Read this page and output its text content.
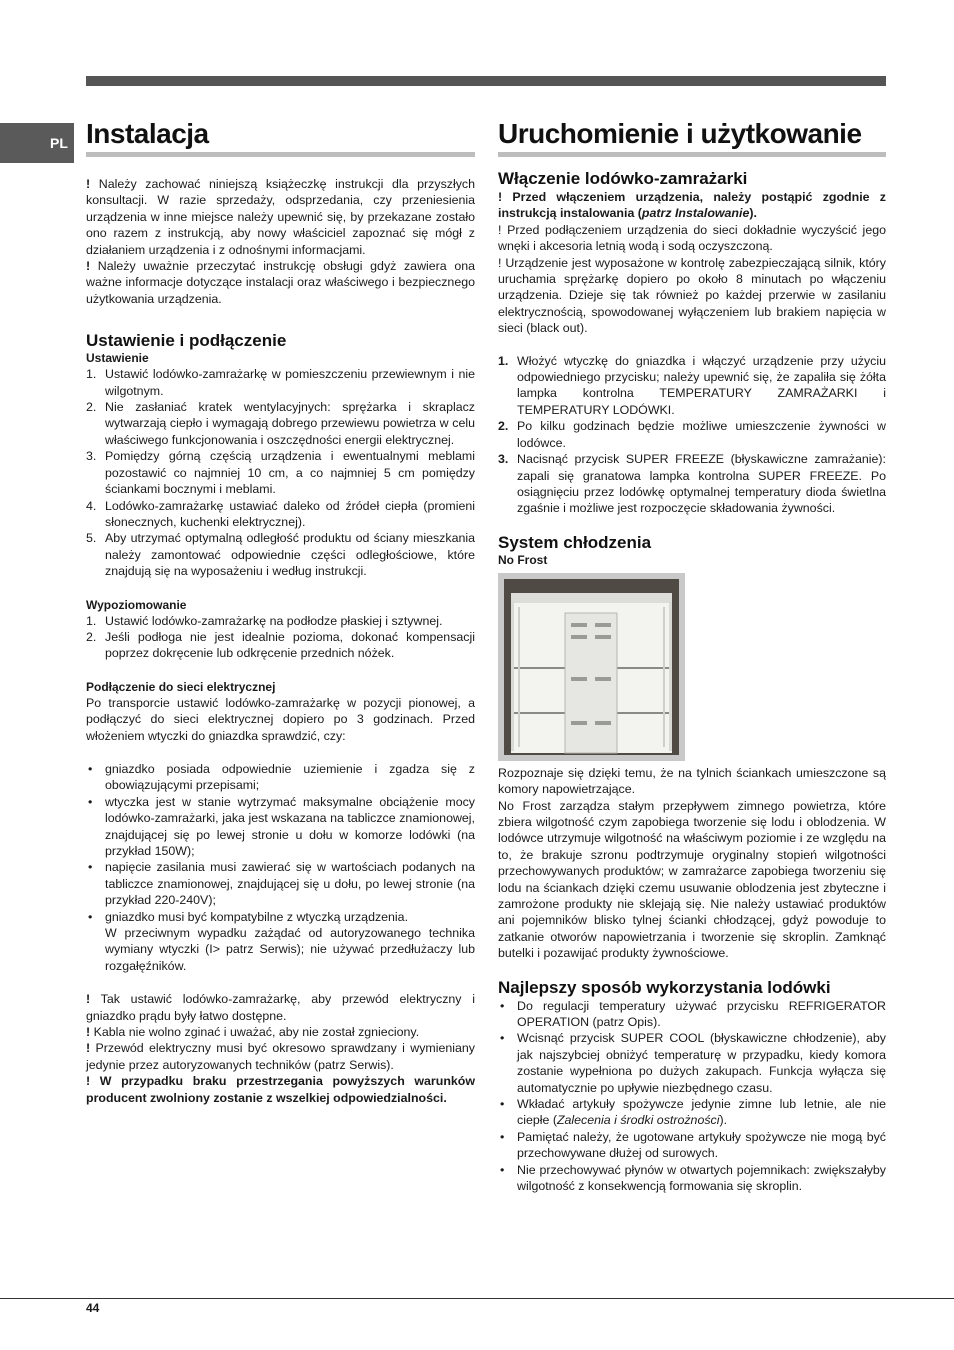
PL Instalacja

! Należy zachować niniejszą książeczkę instrukcji dla przyszłych konsultacji. W razie sprzedaży, odsprzedania, czy przeniesienia urządzenia w inne miejsce należy upewnić się, by przekazane zostało ono razem z instrukcją, aby nowy właściciel zapoznać się mógł z działaniem urządzenia i z odnośnymi informacjami.

! Należy uważnie przeczytać instrukcję obsługi gdyż zawiera ona ważne informacje dotyczące instalacji oraz właściwego i bezpiecznego użytkowania urządzenia.

Ustawienie i podłączenie

Ustawienie

1. Ustawić lodówko-zamrażarkę w pomieszczeniu przewiewnym i nie wilgotnym.
2. Nie zasłaniać kratek wentylacyjnych: sprężarka i skraplacz wytwarzają ciepło i wymagają dobrego przewiewu powietrza w celu właściwego funkcjonowania i oszczędności energii elektrycznej.
3. Pomiędzy górną częścią urządzenia i ewentualnymi meblami pozostawić co najmniej 10 cm, a co najmniej 5 cm pomiędzy ściankami bocznymi i meblami.
4. Lodówko-zamrażarkę ustawiać daleko od źródeł ciepła (promieni słonecznych, kuchenki elektrycznej).
5. Aby utrzymać optymalną odległość produktu od ściany mieszkania należy zamontować odpowiednie części odległościowe, które znajdują się na wyposażeniu i według instrukcji.

Wypoziomowanie

1. Ustawić lodówko-zamrażarkę na podłodze płaskiej i sztywnej.
2. Jeśli podłoga nie jest idealnie pozioma, dokonać kompensacji poprzez dokręcenie lub odkręcenie przednich nóżek.

Podłączenie do sieci elektrycznej

Po transporcie ustawić lodówko-zamrażarkę w pozycji pionowej, a podłączyć do sieci elektrycznej dopiero po 3 godzinach. Przed włożeniem wtyczki do gniazdka sprawdzić, czy:

• gniazdko posiada odpowiednie uziemienie i zgadza się z obowiązującymi przepisami;
• wtyczka jest w stanie wytrzymać maksymalne obciążenie mocy lodówko-zamrażarki, jaka jest wskazana na tabliczce znamionowej, znajdującej się po lewej stronie u dołu w komorze lodówki (na przykład 150W);
• napięcie zasilania musi zawierać się w wartościach podanych na tabliczce znamionowej, znajdującej się u dołu, po lewej stronie (na przykład 220-240V);
• gniazdko musi być kompatybilne z wtyczką urządzenia.

W przeciwnym wypadku zażądać od autoryzowanego technika wymiany wtyczki (I> patrz Serwis); nie używać przedłużaczy lub rozgałęźników.

! Tak ustawić lodówko-zamrażarkę, aby przewód elektryczny i gniazdko prądu były łatwo dostępne.

! Kabla nie wolno zginać i uważać, aby nie został zgnieciony.

! Przewód elektryczny musi być okresowo sprawdzany i wymieniany jedynie przez autoryzowanych techników (patrz Serwis).

! W przypadku braku przestrzegania powyższych warunków producent zwolniony zostanie z wszelkiej odpowiedzialności.

Uruchomienie i użytkowanie
Włączenie lodówko-zamrażarki

! Przed włączeniem urządzenia, należy postąpić zgodnie z instrukcją instalowania (patrz Instalowanie).

! Przed podłączeniem urządzenia do sieci dokładnie wyczyścić jego wnęki i akcesoria letnią wodą i sodą oczyszczoną.

! Urządzenie jest wyposażone w kontrolę zabezpieczającą silnik, który uruchamia sprężarkę dopiero po około 8 minutach po włączeniu urządzenia. Dzieje się tak również po każdej przerwie w zasilaniu elektrycznością, spowodowanej wyłączeniem lub brakiem napięcia w sieci (black out).

1. Włożyć wtyczkę do gniazdka i włączyć urządzenie przy użyciu odpowiedniego przycisku; należy upewnić się, że zapaliła się żółta lampka kontrolna TEMPERATURY ZAMRAŻARKI i TEMPERATURY LODÓWKI.
2. Po kilku godzinach będzie możliwe umieszczenie żywności w lodówce.
3. Nacisnąć przycisk SUPER FREEZE (błyskawiczne zamrażanie): zapali się granatowa lampka kontrolna SUPER FREEZE. Po osiągnięciu przez lodówkę optymalnej temperatury dioda świetlna zgaśnie i możliwe jest rozpoczęcie składowania żywności.
System chłodzenia

No Frost

Rozpoznaje się dzięki temu, że na tylnich ściankach umieszczone są komory napowietrzające.

No Frost zarządza stałym przepływem zimnego powietrza, które zbiera wilgotność czym zapobiega tworzenie się lodu i oblodzenia. W lodówce utrzymuje wilgotność na właściwym poziomie i ze względu na to, że brakuje szronu podtrzymuje oryginalny stopień wilgotności przechowywanych produktów; w zamrażarce zapobiega tworzeniu się lodu na ściankach dzięki czemu usuwanie oblodzenia jest zbyteczne i zamrożone produkty nie sklejają się. Nie należy ustawiać produktów ani pojemników blisko tylnej ścianki chłodzącej, gdyż powoduje to zatkanie otworów napowietrzania i tworzenie się skroplin. Zamknąć butelki i pozawijać produkty żywnościowe.

Najlepszy sposób wykorzystania lodówki
• Do regulacji temperatury używać przycisku REFRIGERATOR OPERATION (patrz Opis).
• Wcisnąć przycisk SUPER COOL (błyskawiczne chłodzenie), aby jak najszybciej obniżyć temperaturę w przypadku, kiedy komora zostanie wypełniona po dużych zakupach. Funkcja wyłącza się automatycznie po upływie niezbędnego czasu.
• Wkładać artykuły spożywcze jedynie zimne lub letnie, ale nie ciepłe (Zalecenia i środki ostrożności).
• Pamiętać należy, że ugotowane artykuły spożywcze nie mogą być przechowywane dłużej od surowych.
• Nie przechowywać płynów w otwartych pojemnikach: zwiększałyby wilgotność z konsekwencją formowania się skroplin.
44
